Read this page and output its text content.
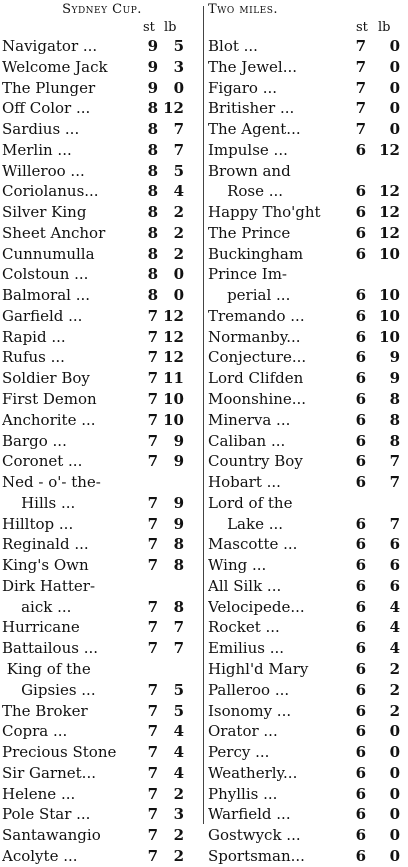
Sydney Cup.
st lb
Navigator ...	9	5
Welcome Jack	9	3
The Plunger	9	0
Off Color ...	8 12
Sardius ...	8	7
Merlin ...	8	7
Willeroo ...	8	5
Coriolanus...	8	4
Silver King	8	2
Sheet Anchor	8	2
Cunnumulla	8	2
Colstoun ...	8	0
Balmoral ...	8	0
Garfield ...	7 12
Rapid ...	7 12
Rufus ...	7 12
Soldier Boy	7 11
First Demon	7 10
Anchorite ...	7 10
Bargo ...	7	9
Coronet ...	7	9
Ned - o'- the-
Hills ...	7	9
Hilltop ...	7	9
Reginald ...	7	8
King's Own	7	8
Dirk Hatter-
aick ...	7	8
Hurricane	7	7
Battailous ...	7	7
King of the
Gipsies ...	7	5
The Broker	7	5
Copra ...	7	4
Precious Stone	7	4
Sir Garnet...	7	4
Helene ...	7	2
Pole Star ...	7	3
Santawangio	7	2
Acolyte ...	7	2
Two miles.
st lb
Blot ...	7	0
The Jewel...	7	0
Figaro ...	7	0
Britisher ...	7	0
The Agent...	7	0
Impulse ...	6 12
Brown and
Rose ...	6 12
Happy Tho'ght	6 12
The Prince	6 12
Buckingham	6 10
Prince Im-
perial ...	6 10
Tremando ...	6 10
Normanby...	6 10
Conjecture...	6	9
Lord Clifden	6	9
Moonshine...	6	8
Minerva ...	6	8
Caliban ...	6	8
Country Boy	6	7
Hobart ...	6	7
Lord of the
Lake ...	6	7
Mascotte ...	6	6
Wing ...	6	6
All Silk ...	6	6
Velocipede...	6	4
Rocket ...	6	4
Emilius ...	6	4
Highl'd Mary	6	2
Palleroo ...	6	2
Isonomy ...	6	2
Orator ...	6	0
Percy ...	6	0
Weatherly...	6	0
Phyllis ...	6	0
Warfield ...	6	0
Gostwyck ...	6	0
Sportsman...	6	0
